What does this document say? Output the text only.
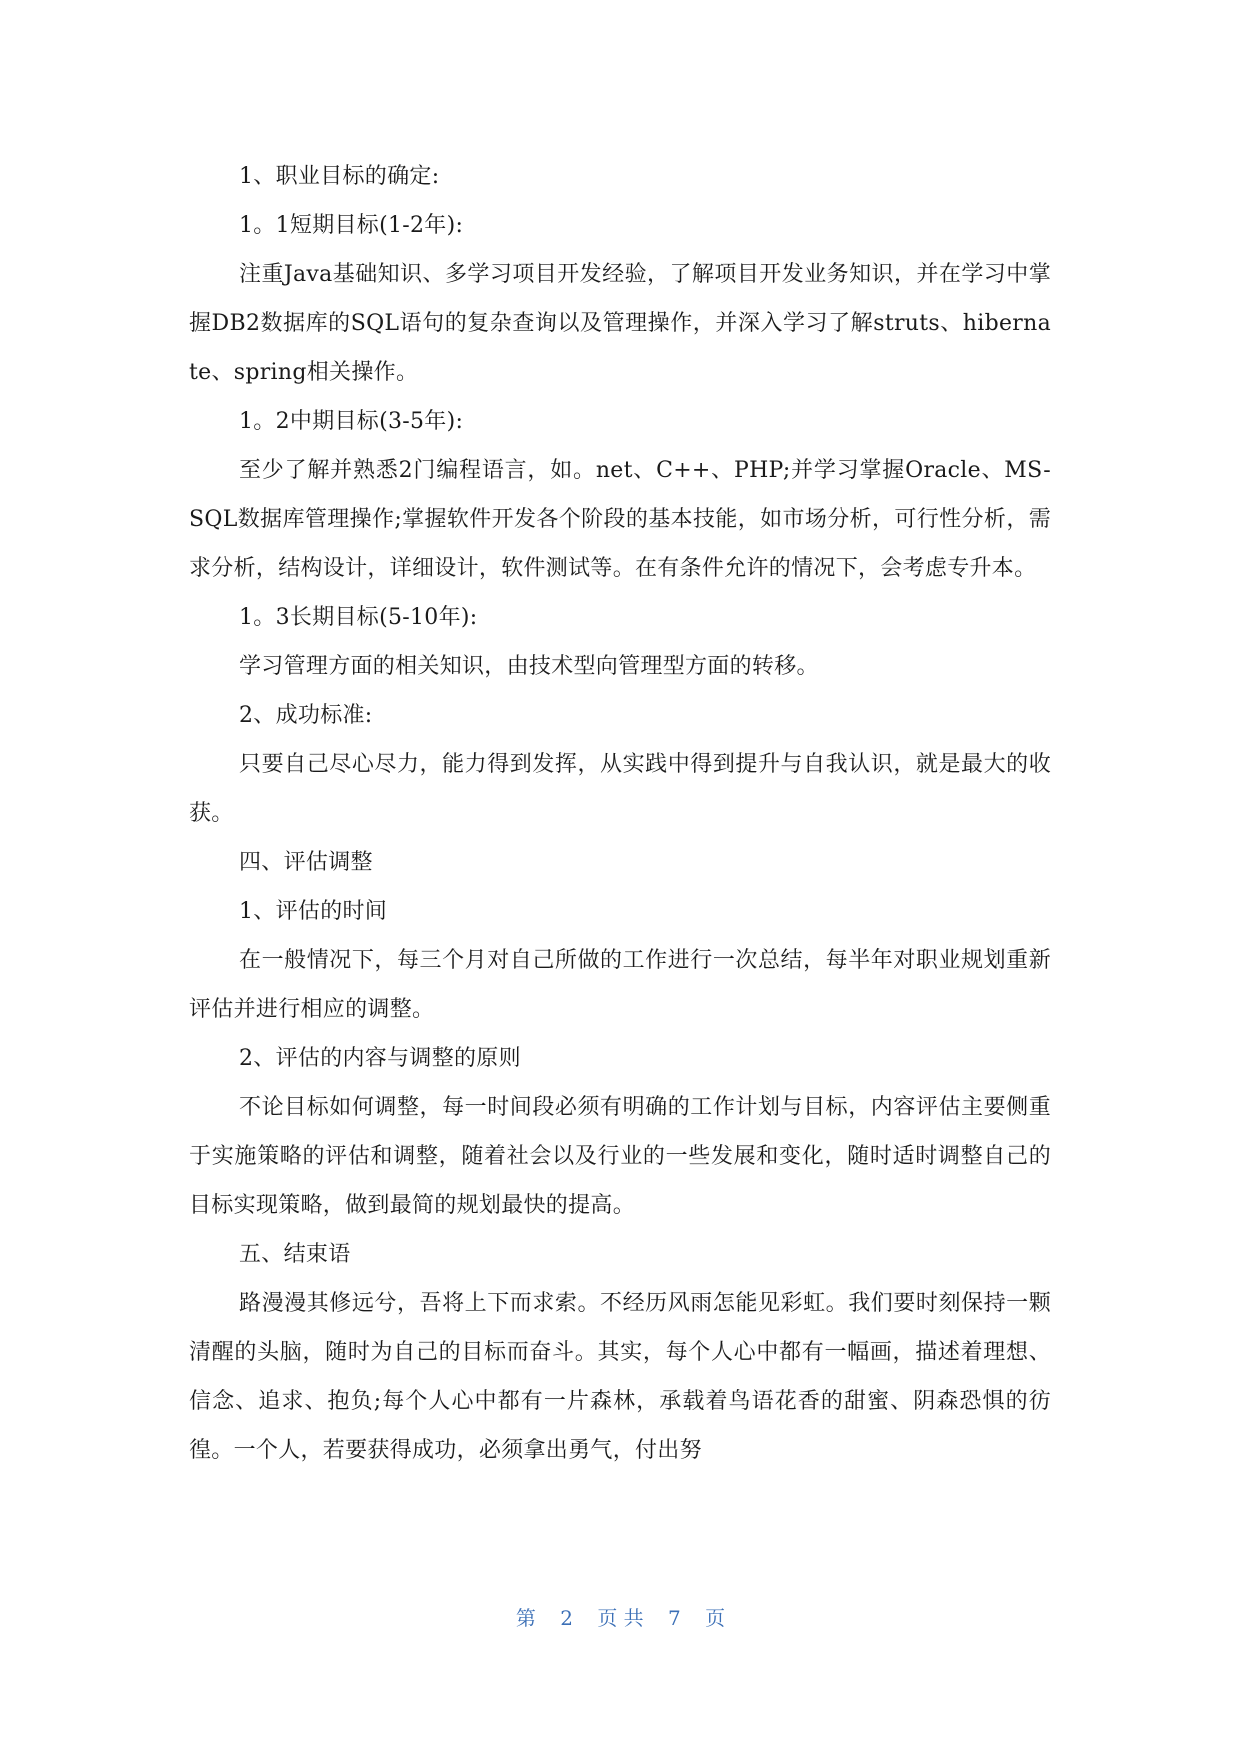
1、职业目标的确定:

1。1短期目标(1-2年):

注重Java基础知识、多学习项目开发经验，了解项目开发业务知识，并在学习中掌握DB2数据库的SQL语句的复杂查询以及管理操作，并深入学习了解struts、hibernate、spring相关操作。

1。2中期目标(3-5年):

至少了解并熟悉2门编程语言，如。net、C++、PHP;并学习掌握Oracle、MS-SQL数据库管理操作;掌握软件开发各个阶段的基本技能，如市场分析，可行性分析，需求分析，结构设计，详细设计，软件测试等。在有条件允许的情况下，会考虑专升本。

1。3长期目标(5-10年):

学习管理方面的相关知识，由技术型向管理型方面的转移。

2、成功标准:

只要自己尽心尽力，能力得到发挥，从实践中得到提升与自我认识，就是最大的收获。

四、评估调整

1、评估的时间

在一般情况下，每三个月对自己所做的工作进行一次总结，每半年对职业规划重新评估并进行相应的调整。

2、评估的内容与调整的原则

不论目标如何调整，每一时间段必须有明确的工作计划与目标，内容评估主要侧重于实施策略的评估和调整，随着社会以及行业的一些发展和变化，随时适时调整自己的目标实现策略，做到最简的规划最快的提高。

五、结束语

路漫漫其修远兮，吾将上下而求索。不经历风雨怎能见彩虹。我们要时刻保持一颗清醒的头脑，随时为自己的目标而奋斗。其实，每个人心中都有一幅画，描述着理想、信念、追求、抱负;每个人心中都有一片森林，承载着鸟语花香的甜蜜、阴森恐惧的彷徨。一个人，若要获得成功，必须拿出勇气，付出努

第 2 页 共 7 页
